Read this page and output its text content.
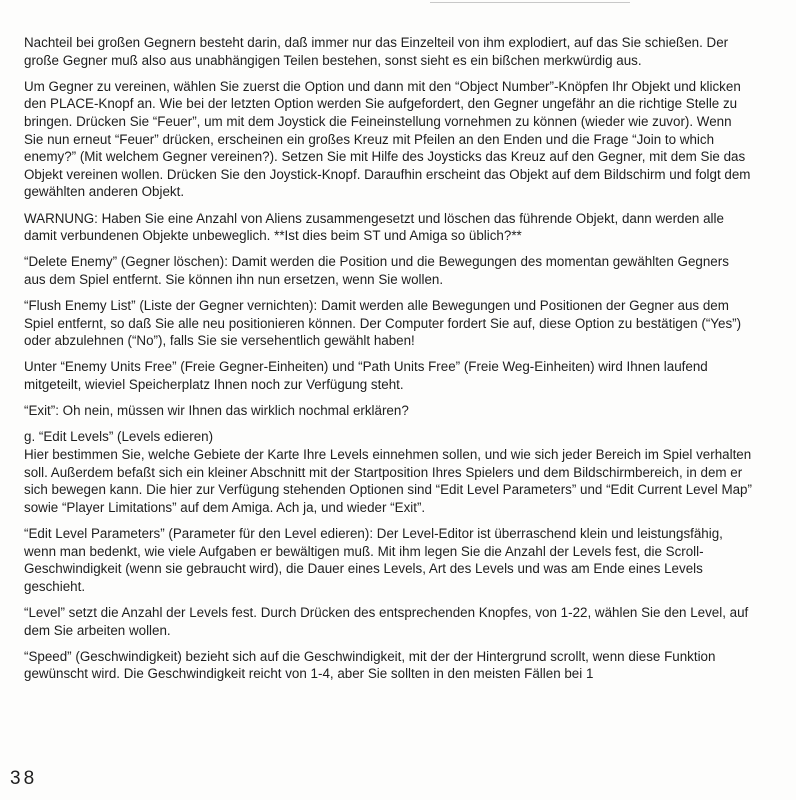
Nachteil bei großen Gegnern besteht darin, daß immer nur das Einzelteil von ihm explodiert, auf das Sie schießen. Der große Gegner muß also aus unabhängigen Teilen bestehen, sonst sieht es ein bißchen merkwürdig aus.

Um Gegner zu vereinen, wählen Sie zuerst die Option und dann mit den “Object Number”-Knöpfen Ihr Objekt und klicken den PLACE-Knopf an. Wie bei der letzten Option werden Sie aufgefordert, den Gegner ungefähr an die richtige Stelle zu bringen. Drücken Sie “Feuer”, um mit dem Joystick die Feineinstellung vornehmen zu können (wieder wie zuvor). Wenn Sie nun erneut “Feuer” drücken, erscheinen ein großes Kreuz mit Pfeilen an den Enden und die Frage “Join to which enemy?” (Mit welchem Gegner vereinen?). Setzen Sie mit Hilfe des Joysticks das Kreuz auf den Gegner, mit dem Sie das Objekt vereinen wollen. Drücken Sie den Joystick-Knopf. Daraufhin erscheint das Objekt auf dem Bildschirm und folgt dem gewählten anderen Objekt.

WARNUNG: Haben Sie eine Anzahl von Aliens zusammengesetzt und löschen das führende Objekt, dann werden alle damit verbundenen Objekte unbeweglich. **Ist dies beim ST und Amiga so üblich?**

“Delete Enemy” (Gegner löschen): Damit werden die Position und die Bewegungen des momentan gewählten Gegners aus dem Spiel entfernt. Sie können ihn nun ersetzen, wenn Sie wollen.

“Flush Enemy List” (Liste der Gegner vernichten): Damit werden alle Bewegungen und Positionen der Gegner aus dem Spiel entfernt, so daß Sie alle neu positionieren können. Der Computer fordert Sie auf, diese Option zu bestätigen (“Yes”) oder abzulehnen (“No”), falls Sie sie versehentlich gewählt haben!

Unter “Enemy Units Free” (Freie Gegner-Einheiten) und “Path Units Free” (Freie Weg-Einheiten) wird Ihnen laufend mitgeteilt, wieviel Speicherplatz Ihnen noch zur Verfügung steht.

“Exit”: Oh nein, müssen wir Ihnen das wirklich nochmal erklären?

g. “Edit Levels” (Levels edieren)
Hier bestimmen Sie, welche Gebiete der Karte Ihre Levels einnehmen sollen, und wie sich jeder Bereich im Spiel verhalten soll. Außerdem befaßt sich ein kleiner Abschnitt mit der Startposition Ihres Spielers und dem Bildschirmbereich, in dem er sich bewegen kann. Die hier zur Verfügung stehenden Optionen sind “Edit Level Parameters” und “Edit Current Level Map” sowie “Player Limitations” auf dem Amiga. Ach ja, und wieder “Exit”.

“Edit Level Parameters” (Parameter für den Level edieren): Der Level-Editor ist überraschend klein und leistungsfähig, wenn man bedenkt, wie viele Aufgaben er bewältigen muß. Mit ihm legen Sie die Anzahl der Levels fest, die Scroll-Geschwindigkeit (wenn sie gebraucht wird), die Dauer eines Levels, Art des Levels und was am Ende eines Levels geschieht.

“Level” setzt die Anzahl der Levels fest. Durch Drücken des entsprechenden Knopfes, von 1-22, wählen Sie den Level, auf dem Sie arbeiten wollen.

“Speed” (Geschwindigkeit) bezieht sich auf die Geschwindigkeit, mit der der Hintergrund scrollt, wenn diese Funktion gewünscht wird. Die Geschwindigkeit reicht von 1-4, aber Sie sollten in den meisten Fällen bei 1

38
